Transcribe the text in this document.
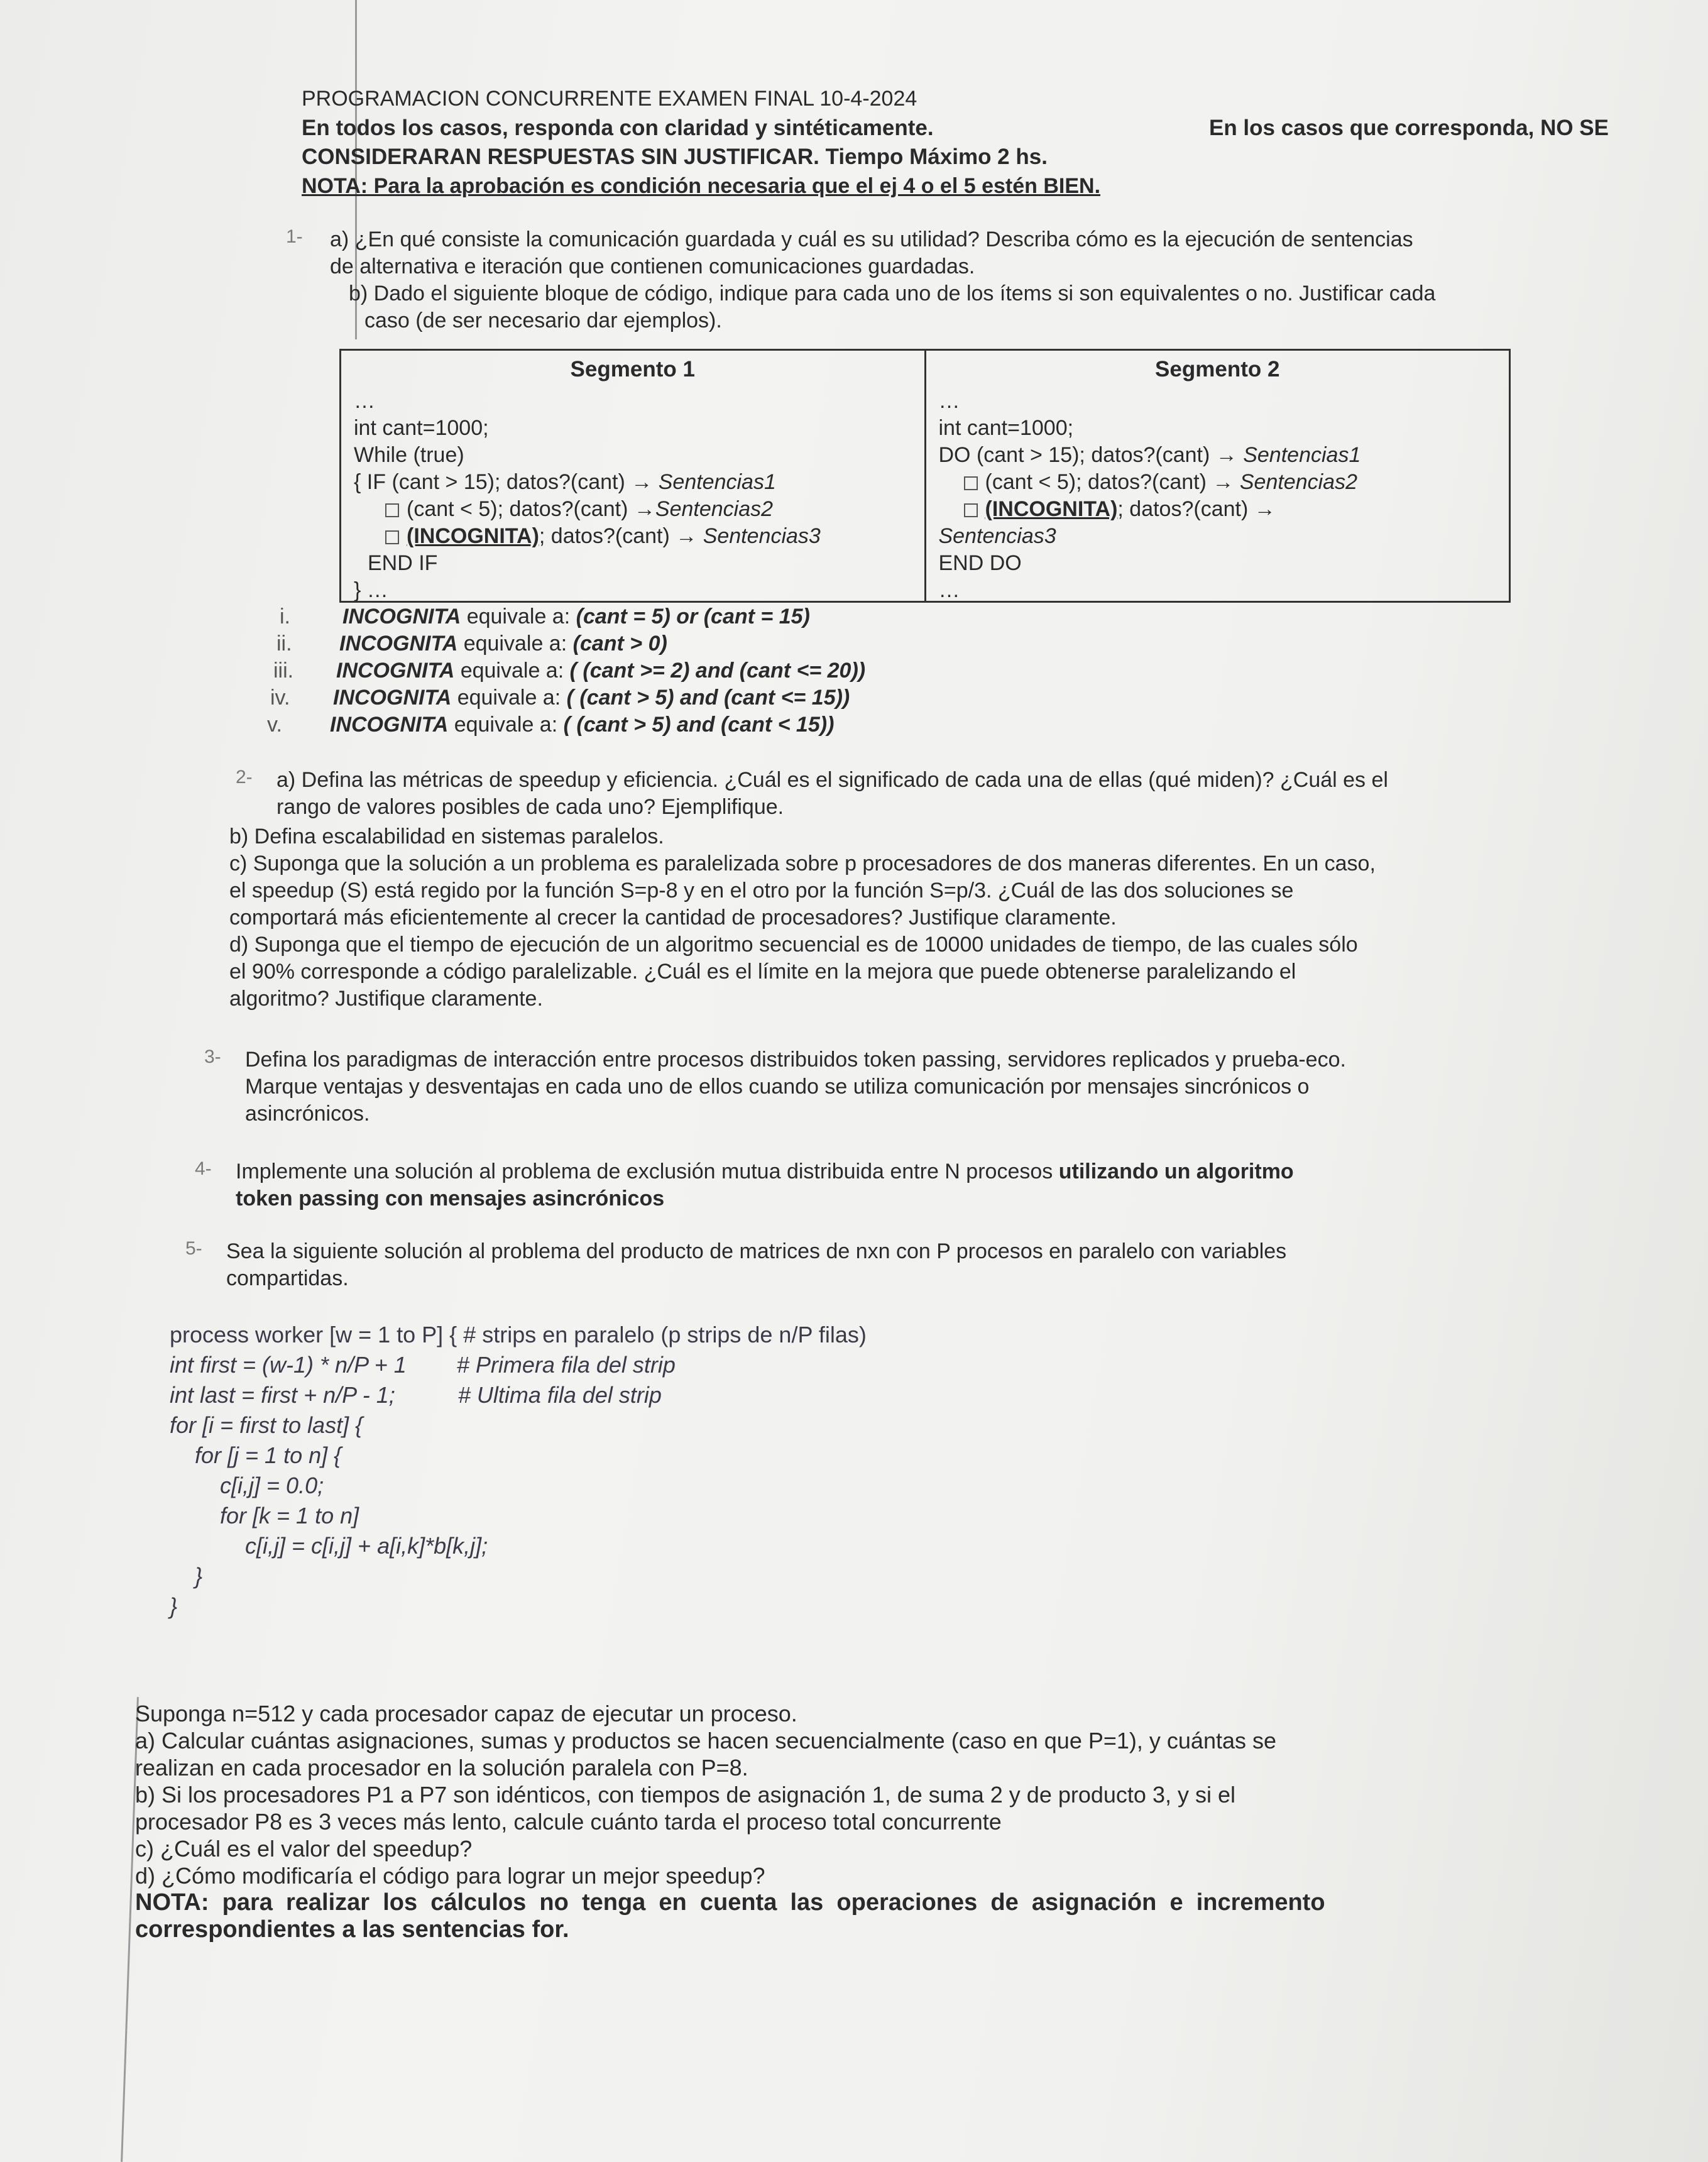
PROGRAMACION CONCURRENTE EXAMEN FINAL 10-4-2024

En todos los casos, responda con claridad y sintéticamente.	En los casos que corresponda, NO SE

CONSIDERARAN RESPUESTAS SIN JUSTIFICAR. Tiempo Máximo 2 hs.

NOTA: Para la aprobación es condición necesaria que el ej 4 o el 5 estén BIEN.

1- a) ¿En qué consiste la comunicación guardada y cuál es su utilidad? Describa cómo es la ejecución de sentencias

de alternativa e iteración que contienen comunicaciones guardadas.

b) Dado el siguiente bloque de código, indique para cada uno de los ítems si son equivalentes o no. Justificar cada

caso (de ser necesario dar ejemplos).

Segmento 1
…
int cant=1000;
While (true)
{ IF (cant > 15); datos?(cant) → Sentencias1
(cant < 5); datos?(cant) →Sentencias2
(INCOGNITA); datos?(cant) → Sentencias3
END IF
} …
Segmento 2
…
int cant=1000;
DO (cant > 15); datos?(cant) → Sentencias1
(cant < 5); datos?(cant) → Sentencias2
(INCOGNITA); datos?(cant) →
Sentencias3
END DO
…
i. INCOGNITA equivale a: (cant = 5) or (cant = 15)
ii. INCOGNITA equivale a: (cant > 0)
iii. INCOGNITA equivale a: ( (cant >= 2) and (cant <= 20))
iv. INCOGNITA equivale a: ( (cant > 5) and (cant <= 15))
v. INCOGNITA equivale a: ( (cant > 5) and (cant < 15))
2- a) Defina las métricas de speedup y eficiencia. ¿Cuál es el significado de cada una de ellas (qué miden)? ¿Cuál es el

rango de valores posibles de cada uno? Ejemplifique.

b) Defina escalabilidad en sistemas paralelos.

c) Suponga que la solución a un problema es paralelizada sobre p procesadores de dos maneras diferentes. En un caso,

el speedup (S) está regido por la función S=p-8 y en el otro por la función S=p/3. ¿Cuál de las dos soluciones se

comportará más eficientemente al crecer la cantidad de procesadores? Justifique claramente.

d) Suponga que el tiempo de ejecución de un algoritmo secuencial es de 10000 unidades de tiempo, de las cuales sólo

el 90% corresponde a código paralelizable. ¿Cuál es el límite en la mejora que puede obtenerse paralelizando el

algoritmo? Justifique claramente.

3- Defina los paradigmas de interacción entre procesos distribuidos token passing, servidores replicados y prueba-eco.

Marque ventajas y desventajas en cada uno de ellos cuando se utiliza comunicación por mensajes sincrónicos o

asincrónicos.

4- Implemente una solución al problema de exclusión mutua distribuida entre N procesos utilizando un algoritmo

token passing con mensajes asincrónicos

5- Sea la siguiente solución al problema del producto de matrices de nxn con P procesos en paralelo con variables

compartidas.

process worker [w = 1 to P] { # strips en paralelo (p strips de n/P filas)
int first = (w-1) * n/P + 1        # Primera fila del strip
int last = first + n/P - 1;          # Ultima fila del strip
for [i = first to last] {
for [j = 1 to n] {
c[i,j] = 0.0;
for [k = 1 to n]
c[i,j] = c[i,j] + a[i,k]*b[k,j];
}
}

Suponga n=512 y cada procesador capaz de ejecutar un proceso.

a) Calcular cuántas asignaciones, sumas y productos se hacen secuencialmente (caso en que P=1), y cuántas se

realizan en cada procesador en la solución paralela con P=8.

b) Si los procesadores P1 a P7 son idénticos, con tiempos de asignación 1, de suma 2 y de producto 3, y si el

procesador P8 es 3 veces más lento, calcule cuánto tarda el proceso total concurrente

c) ¿Cuál es el valor del speedup?

d) ¿Cómo modificaría el código para lograr un mejor speedup?

NOTA:  para  realizar  los  cálculos  no  tenga  en  cuenta  las  operaciones  de  asignación  e  incremento

correspondientes a las sentencias for.
